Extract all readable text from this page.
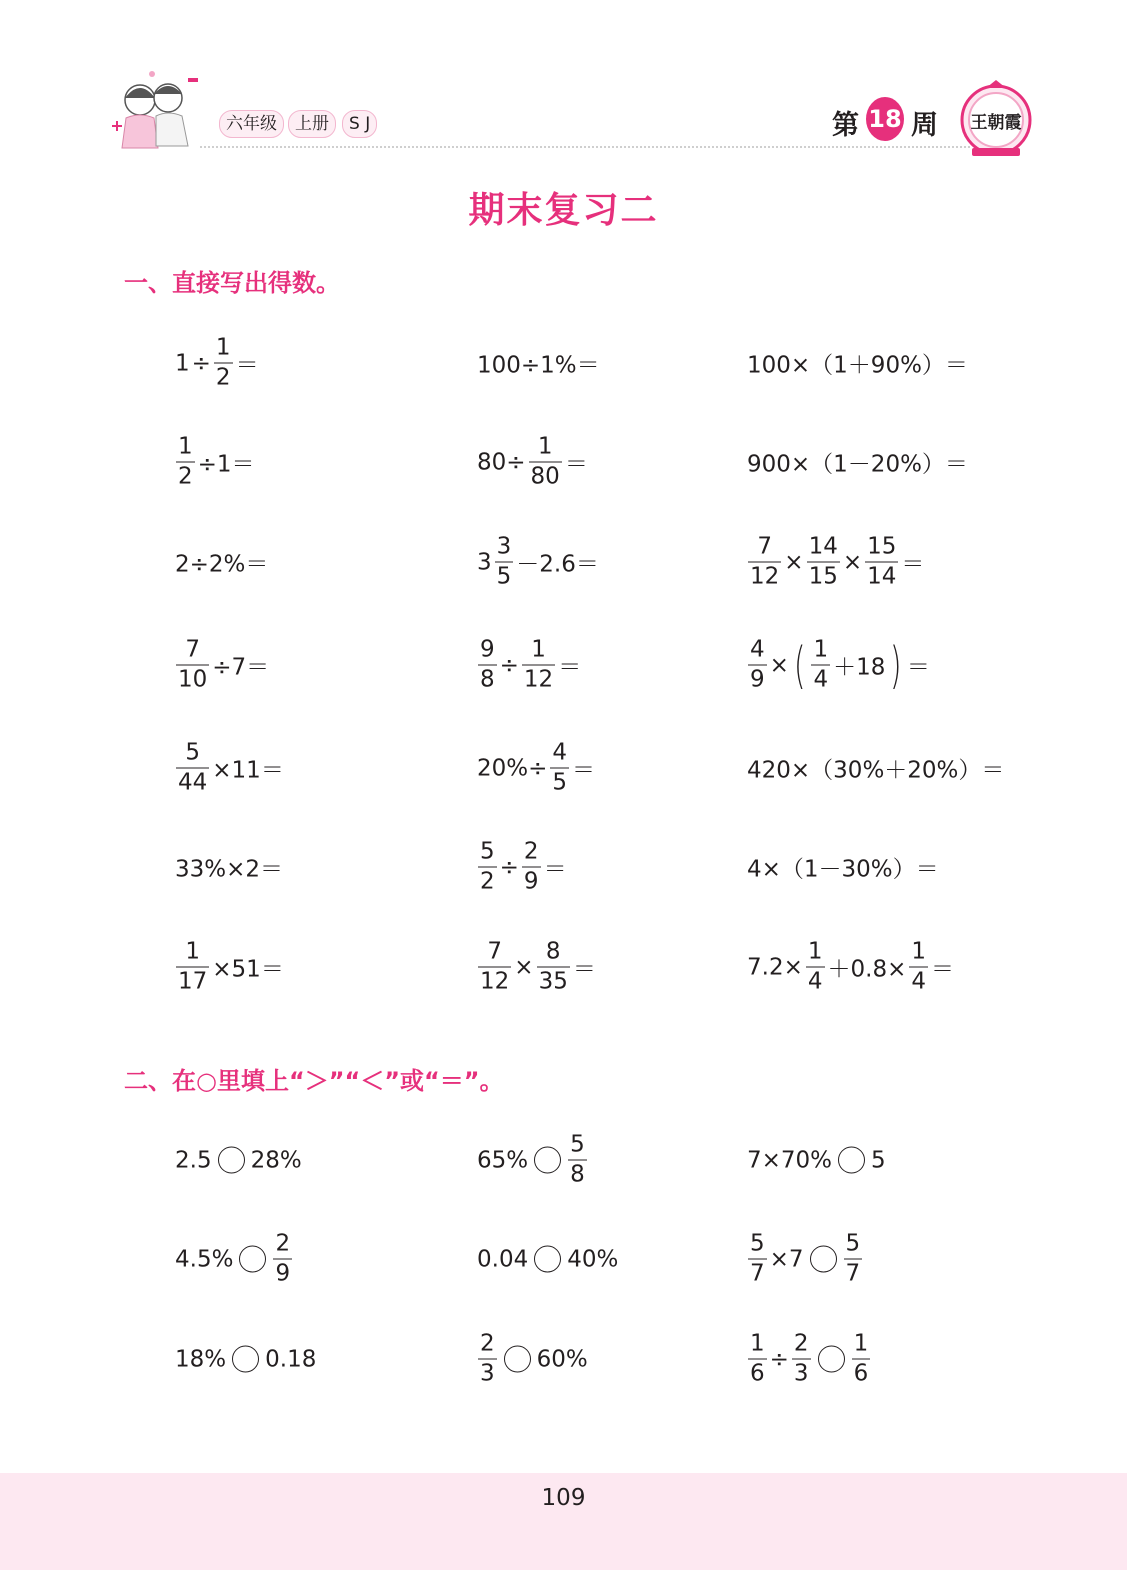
六年级	上册	S J	第 18 周 王朝霞
期末复习二
一、直接写出得数。
$1 \div \frac{1}{2}$ ＝	100÷1%＝	100×（1＋90%）＝
$\frac{1}{2} \div 1=$	$80\div \frac{1}{80}$ ＝	900×（1－20%）＝
2÷2%＝	$3 \frac{3}{5} -2.6=$	$\frac{7}{12} \times \frac{14}{15} \times \frac{15}{14}$ ＝
$\frac{7}{10} \div 7=$	$\frac{9}{8} \div \frac{1}{12}$ ＝	$\frac{4}{9}$ × ( $\frac{1}{4} +18$ ) ＝
$\frac{5}{44} \times 11=$	$20\%\div \frac{4}{5}$ ＝	420×（30%＋20%）＝
33%×2＝	$\frac{5}{2} \div \frac{2}{9}$ ＝	4×（1－30%）＝
$\frac{1}{17} \times 51=$	$\frac{7}{12} \times \frac{8}{35}$ ＝	$7.2\times \frac{1}{4} +0.8\times \frac{1}{4}$ ＝
二、在○里填上“＞”“＜”或“＝”。
2.5 28%	$65\% \frac{5}{8}$	7×70% 5
$4.5\% \frac{2}{9}$	0.04 40%	$\frac{5}{7} \times 7 \frac{5}{7}$
18% 0.18	$\frac{2}{3} 60\%$	$\frac{1}{6} \div \frac{2}{3} \frac{1}{6}$
109
